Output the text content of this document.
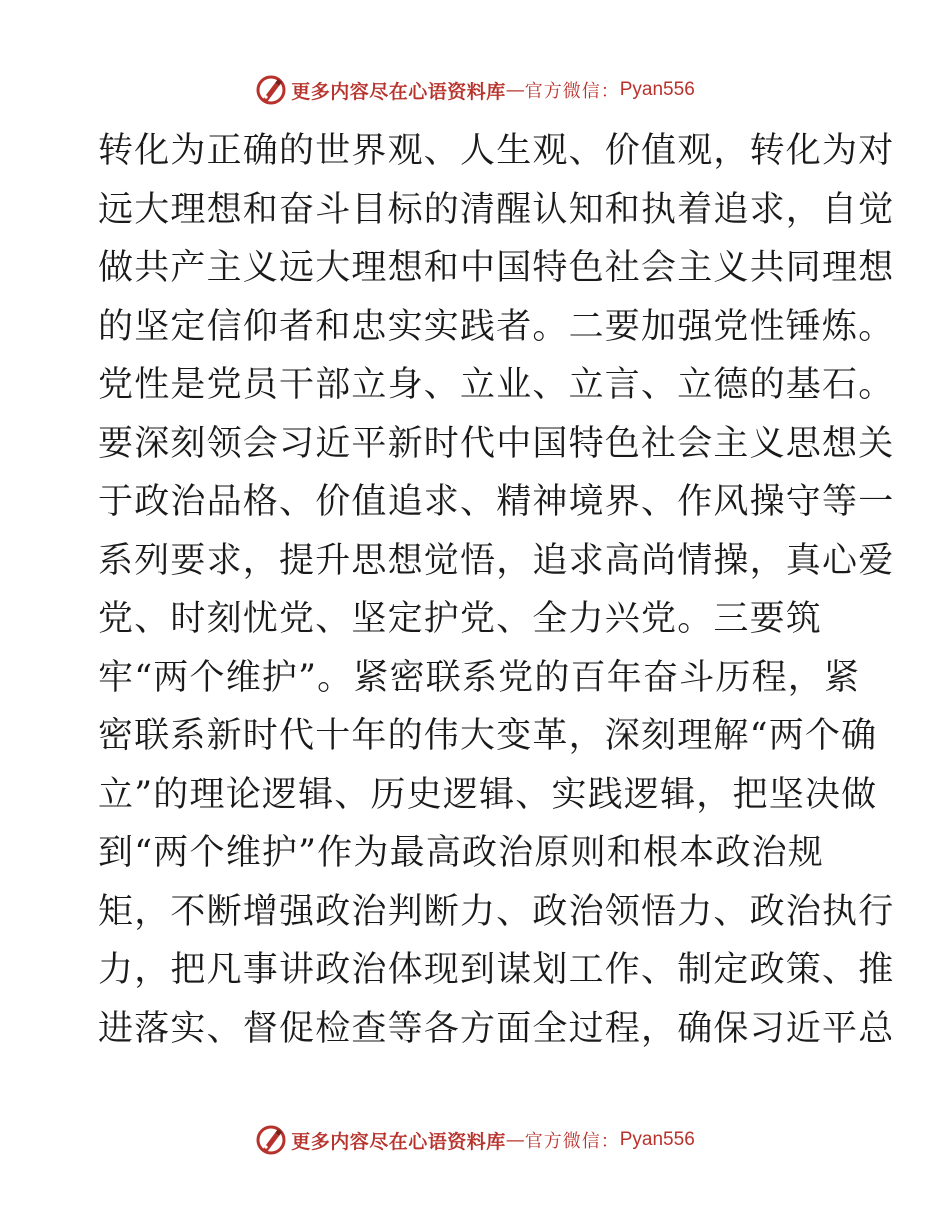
更多内容尽在心语资料库 — 官方微信： Pyan556
转化为正确的世界观、人生观、价值观，转化为对
远大理想和奋斗目标的清醒认知和执着追求，自觉
做共产主义远大理想和中国特色社会主义共同理想
的坚定信仰者和忠实实践者。二要加强党性锤炼。
党性是党员干部立身、立业、立言、立德的基石。
要深刻领会习近平新时代中国特色社会主义思想关
于政治品格、价值追求、精神境界、作风操守等一
系列要求，提升思想觉悟，追求高尚情操，真心爱
党、时刻忧党、坚定护党、全力兴党。三要筑
牢“两个维护”。紧密联系党的百年奋斗历程，紧
密联系新时代十年的伟大变革，深刻理解“两个确
立”的理论逻辑、历史逻辑、实践逻辑，把坚决做
到“两个维护”作为最高政治原则和根本政治规
矩，不断增强政治判断力、政治领悟力、政治执行
力，把凡事讲政治体现到谋划工作、制定政策、推
进落实、督促检查等各方面全过程，确保习近平总
更多内容尽在心语资料库 — 官方微信： Pyan556
